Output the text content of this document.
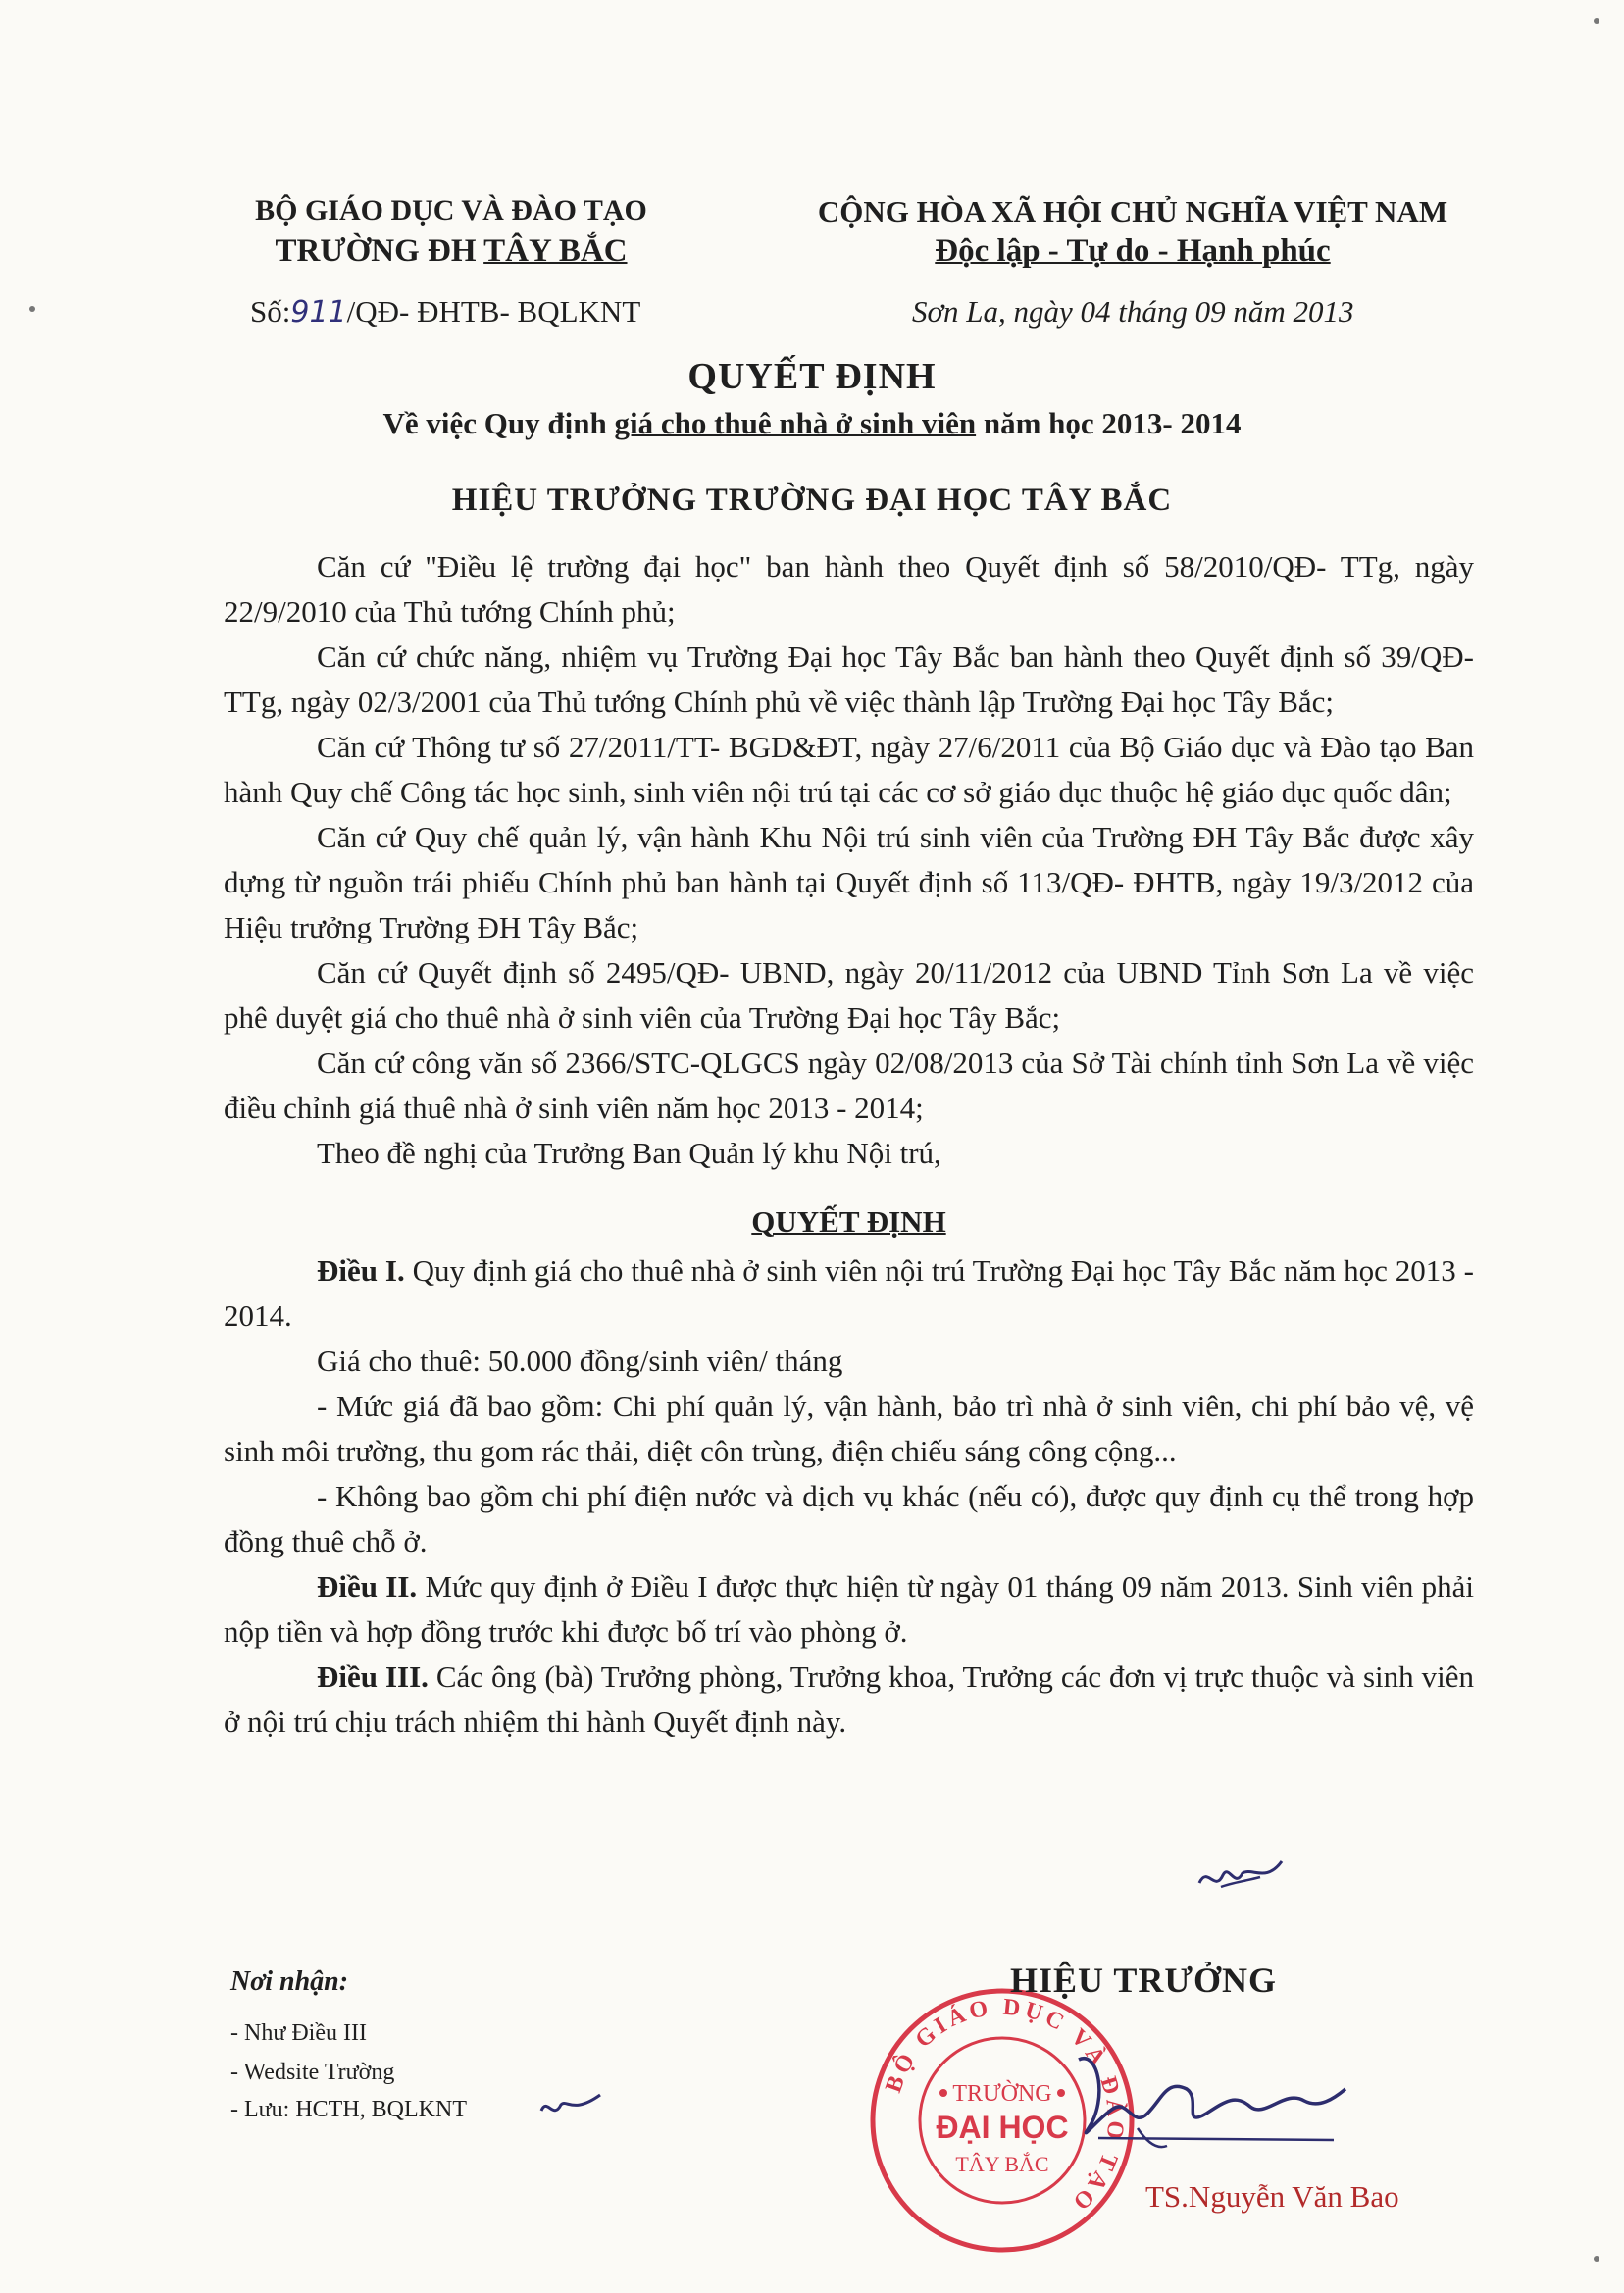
BỘ GIÁO DỤC VÀ ĐÀO TẠO
TRƯỜNG ĐH TÂY BẮC
CỘNG HÒA XÃ HỘI CHỦ NGHĨA VIỆT NAM
Độc lập - Tự do - Hạnh phúc
Số:911/QĐ- ĐHTB- BQLKNT	Sơn La, ngày 04 tháng 09 năm 2013
QUYẾT ĐỊNH
Về việc Quy định giá cho thuê nhà ở sinh viên năm học 2013- 2014
HIỆU TRƯỞNG TRƯỜNG ĐẠI HỌC TÂY BẮC

Căn cứ "Điều lệ trường đại học" ban hành theo Quyết định số 58/2010/QĐ- TTg, ngày 22/9/2010 của Thủ tướng Chính phủ;

Căn cứ chức năng, nhiệm vụ Trường Đại học Tây Bắc ban hành theo Quyết định số 39/QĐ- TTg, ngày 02/3/2001 của Thủ tướng Chính phủ về việc thành lập Trường Đại học Tây Bắc;

Căn cứ Thông tư số 27/2011/TT- BGD&ĐT, ngày 27/6/2011 của Bộ Giáo dục và Đào tạo Ban hành Quy chế Công tác học sinh, sinh viên nội trú tại các cơ sở giáo dục thuộc hệ giáo dục quốc dân;

Căn cứ Quy chế quản lý, vận hành Khu Nội trú sinh viên của Trường ĐH Tây Bắc được xây dựng từ nguồn trái phiếu Chính phủ ban hành tại Quyết định số 113/QĐ- ĐHTB, ngày 19/3/2012 của Hiệu trưởng Trường ĐH Tây Bắc;

Căn cứ Quyết định số 2495/QĐ- UBND, ngày 20/11/2012 của UBND Tỉnh Sơn La về việc phê duyệt giá cho thuê nhà ở sinh viên của Trường Đại học Tây Bắc;

Căn cứ công văn số 2366/STC-QLGCS ngày 02/08/2013 của Sở Tài chính tỉnh Sơn La về việc điều chỉnh giá thuê nhà ở sinh viên năm học 2013 - 2014;

Theo đề nghị của Trưởng Ban Quản lý khu Nội trú,

QUYẾT ĐỊNH

Điều I. Quy định giá cho thuê nhà ở sinh viên nội trú Trường Đại học Tây Bắc năm học 2013 - 2014.

Giá cho thuê: 50.000 đồng/sinh viên/ tháng

- Mức giá đã bao gồm: Chi phí quản lý, vận hành, bảo trì nhà ở sinh viên, chi phí bảo vệ, vệ sinh môi trường, thu gom rác thải, diệt côn trùng, điện chiếu sáng công cộng...

- Không bao gồm chi phí điện nước và dịch vụ khác (nếu có), được quy định cụ thể trong hợp đồng thuê chỗ ở.

Điều II. Mức quy định ở Điều I được thực hiện từ ngày 01 tháng 09 năm 2013. Sinh viên phải nộp tiền và hợp đồng trước khi được bố trí vào phòng ở.

Điều III. Các ông (bà) Trưởng phòng, Trưởng khoa, Trưởng các đơn vị trực thuộc và sinh viên ở nội trú chịu trách nhiệm thi hành Quyết định này.

Nơi nhận:
- Như Điều III
- Wedsite Trường
- Lưu: HCTH, BQLKNT
BỘ GIÁO DỤC VÀ ĐÀO TẠO
TRƯỜNG
ĐẠI HỌC
TÂY BẮC
HIỆU TRƯỞNG
TS.Nguyễn Văn Bao
